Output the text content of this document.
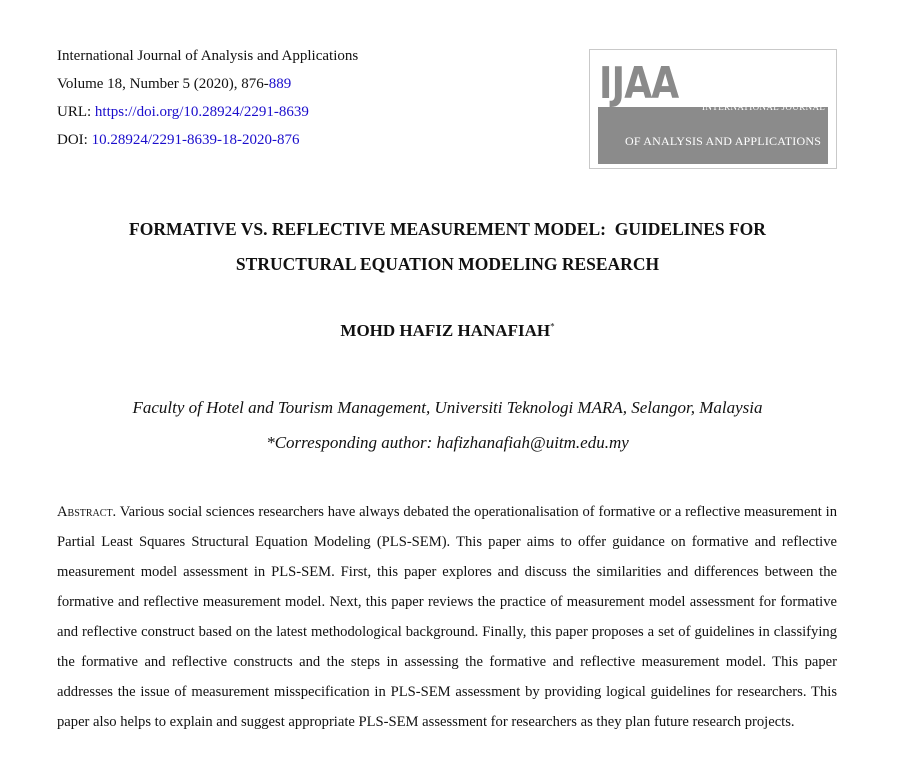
International Journal of Analysis and Applications
Volume 18, Number 5 (2020), 876-889
URL: https://doi.org/10.28924/2291-8639
DOI: 10.28924/2291-8639-18-2020-876
IJAA	INTERNATIONAL JOURNAL
OF ANALYSIS AND APPLICATIONS
FORMATIVE VS. REFLECTIVE MEASUREMENT MODEL:  GUIDELINES FOR
STRUCTURAL EQUATION MODELING RESEARCH
MOHD HAFIZ HANAFIAH*
Faculty of Hotel and Tourism Management, Universiti Teknologi MARA, Selangor, Malaysia
*Corresponding author: hafizhanafiah@uitm.edu.my
Abstract. Various social sciences researchers have always debated the operationalisation of formative or a reflective measurement in Partial Least Squares Structural Equation Modeling (PLS-SEM). This paper aims to offer guidance on formative and reflective measurement model assessment in PLS-SEM. First, this paper explores and discuss the similarities and differences between the formative and reflective measurement model. Next, this paper reviews the practice of measurement model assessment for formative and reflective construct based on the latest methodological background. Finally, this paper proposes a set of guidelines in classifying the formative and reflective constructs and the steps in assessing the formative and reflective measurement model. This paper addresses the issue of measurement misspecification in PLS-SEM assessment by providing logical guidelines for researchers. This paper also helps to explain and suggest appropriate PLS-SEM assessment for researchers as they plan future research projects.
